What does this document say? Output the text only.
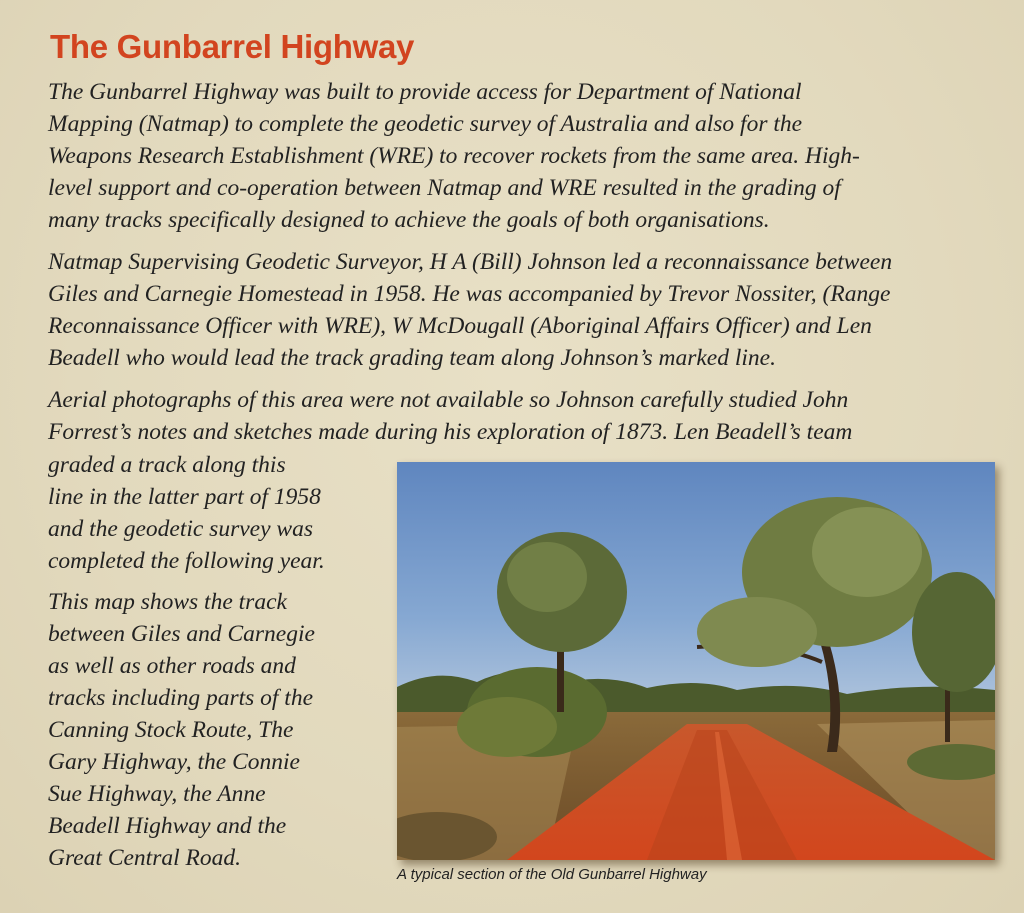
The Gunbarrel Highway

The Gunbarrel Highway was built to provide access for Department of National
Mapping (Natmap) to complete the geodetic survey of Australia and also for the
Weapons Research Establishment (WRE) to recover rockets from the same area. High-
level support and co-operation between Natmap and WRE resulted in the grading of
many tracks specifically designed to achieve the goals of both organisations.

Natmap Supervising Geodetic Surveyor, H A (Bill) Johnson led a reconnaissance between
Giles and Carnegie Homestead in 1958. He was accompanied by Trevor Nossiter, (Range
Reconnaissance Officer with WRE), W McDougall (Aboriginal Affairs Officer) and Len
Beadell who would lead the track grading team along Johnson’s marked line.

Aerial photographs of this area were not available so Johnson carefully studied John
Forrest’s notes and sketches made during his exploration of 1873. Len Beadell’s team

graded a track along this
line in the latter part of 1958
and the geodetic survey was
completed the following year.

This map shows the track
between Giles and Carnegie
as well as other roads and
tracks including parts of the
Canning Stock Route, The
Gary Highway, the Connie
Sue Highway, the Anne
Beadell Highway and the
Great Central Road.

A typical section of the Old Gunbarrel Highway
